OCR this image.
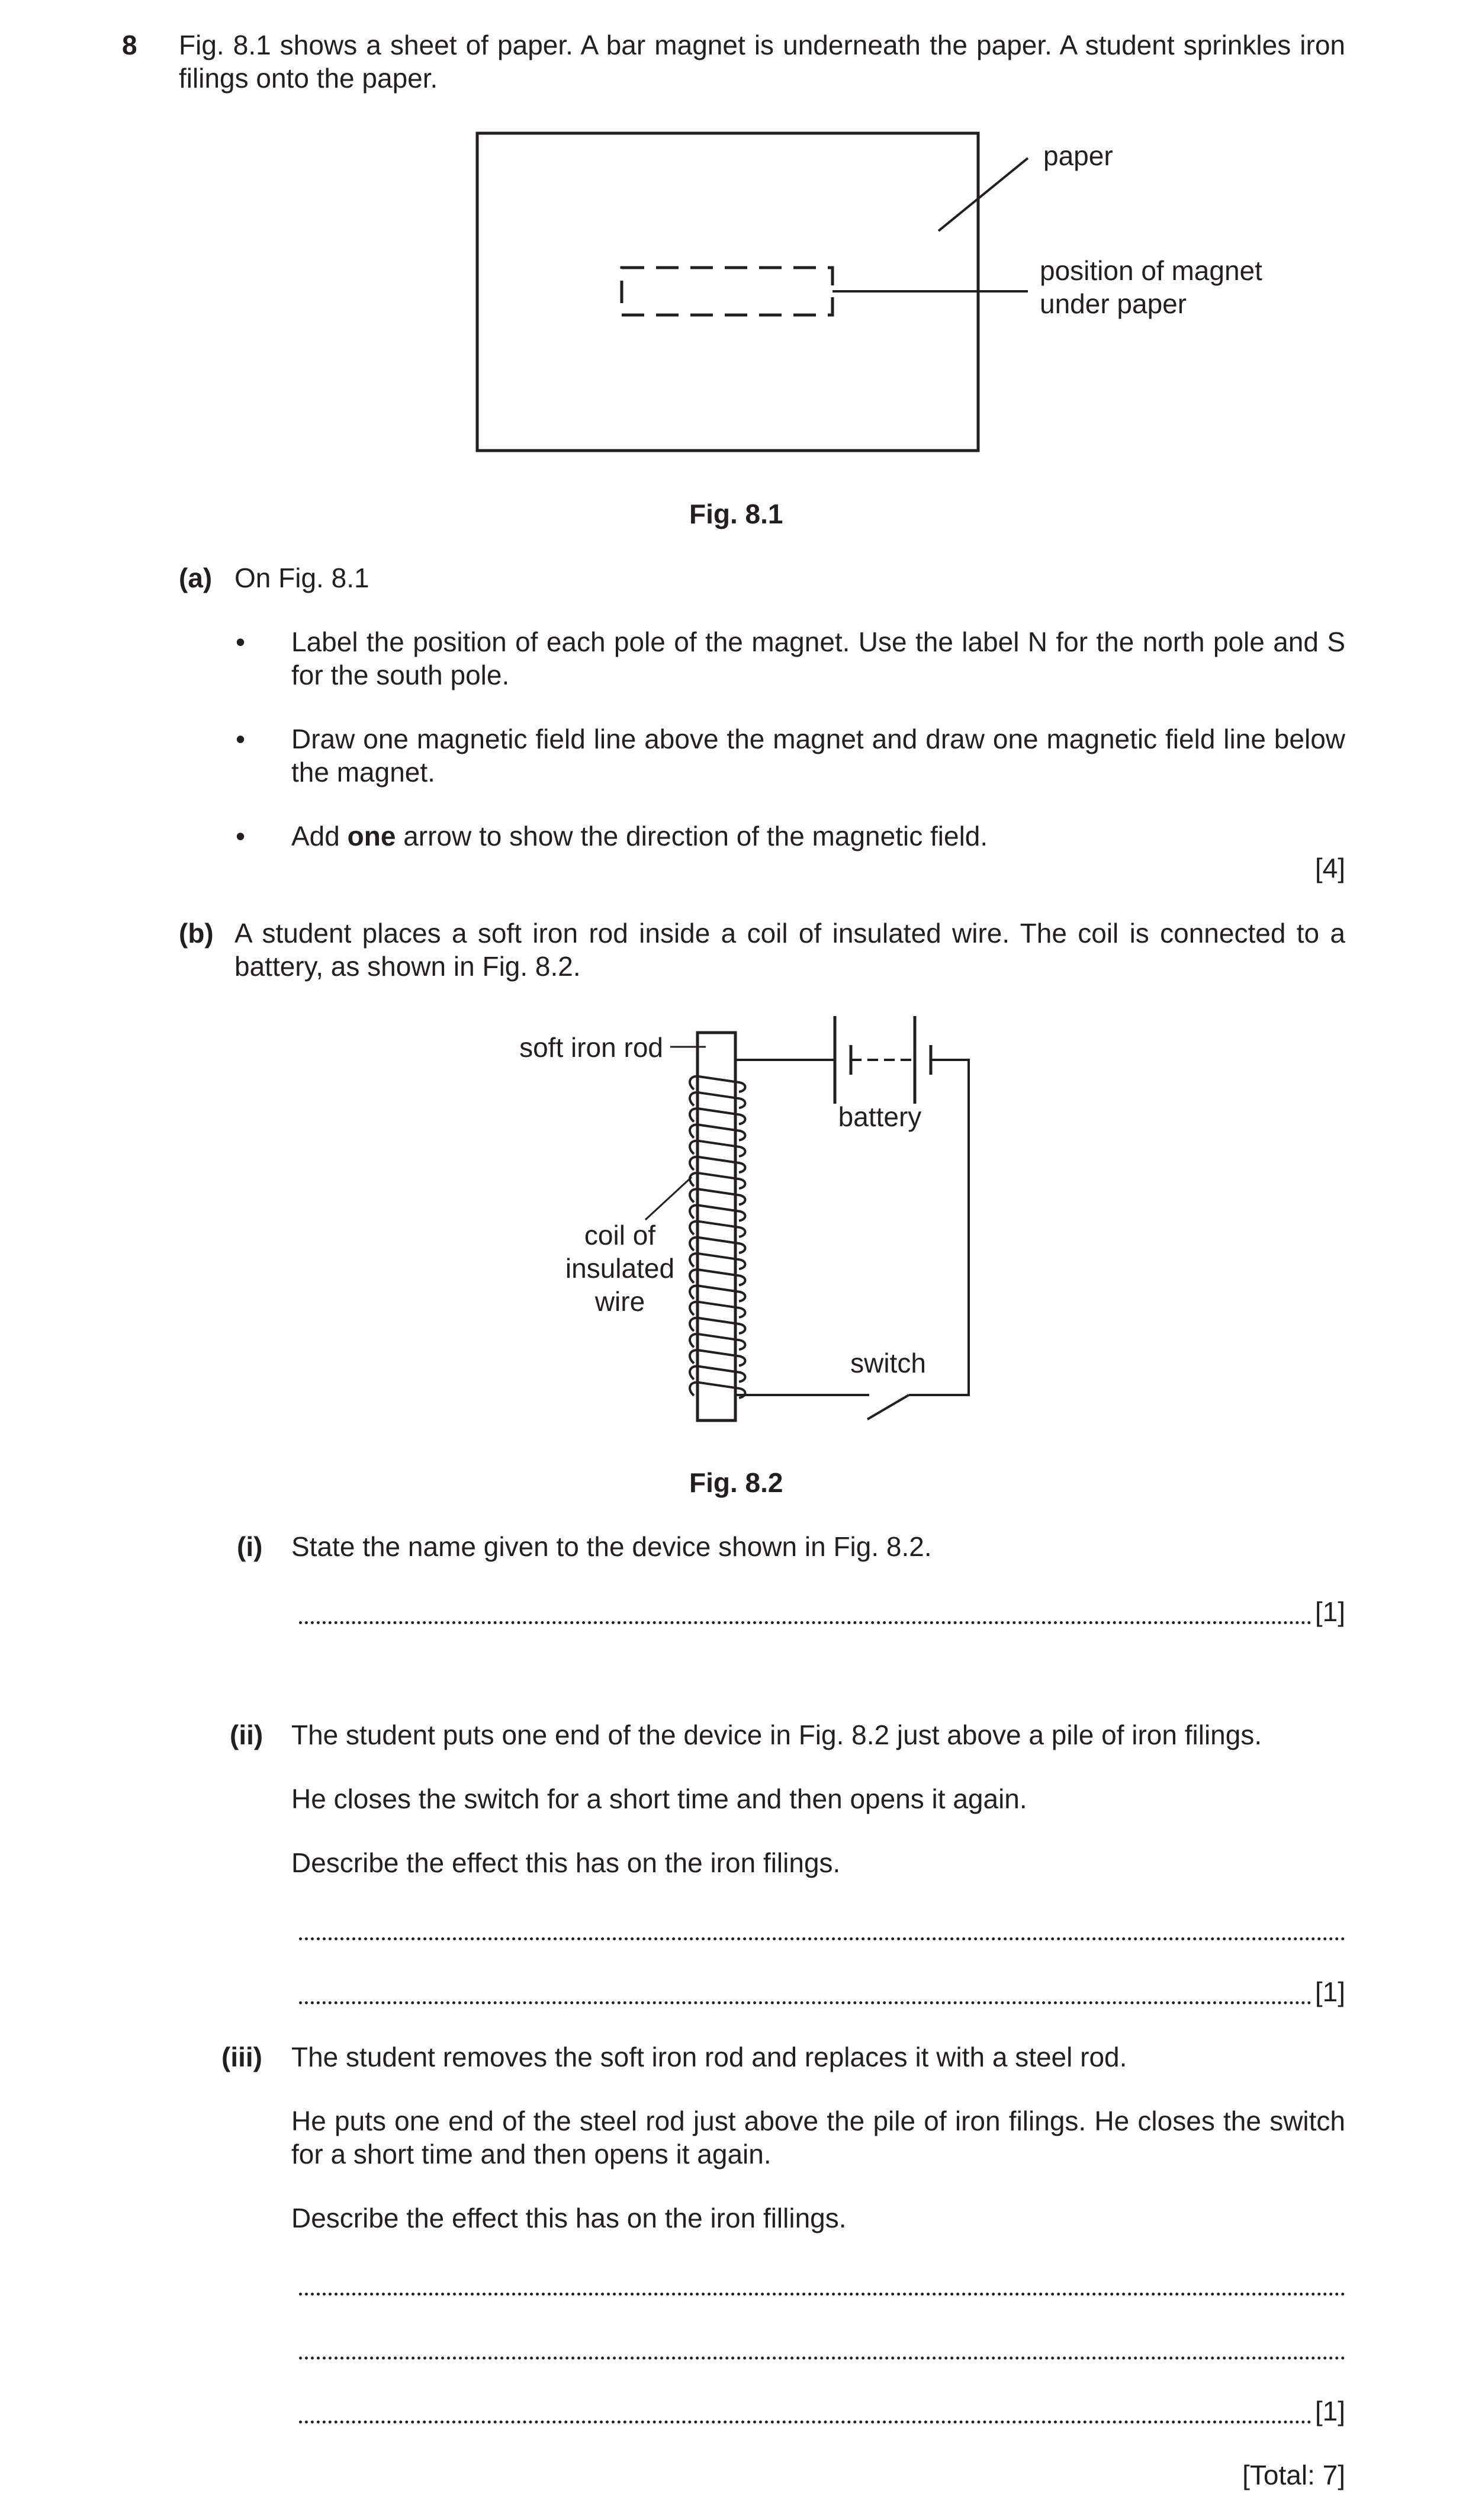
8 Fig. 8.1 shows a sheet of paper. A bar magnet is underneath the paper. A student sprinkles iron
filings onto the paper.
paper
position of magnet
under paper
Fig. 8.1
(a) On Fig. 8.1
• Label the position of each pole of the magnet. Use the label N for the north pole and S
for the south pole.
• Draw one magnetic field line above the magnet and draw one magnetic field line below
the magnet.
• Add one arrow to show the direction of the magnetic field.
[4]
(b) A student places a soft iron rod inside a coil of insulated wire. The coil is connected to a
battery, as shown in Fig. 8.2.
soft iron rod
battery
coil of
insulated
wire
switch
Fig. 8.2
(i) State the name given to the device shown in Fig. 8.2.
[1]
(ii) The student puts one end of the device in Fig. 8.2 just above a pile of iron filings.
He closes the switch for a short time and then opens it again.
Describe the effect this has on the iron filings.
[1]
(iii) The student removes the soft iron rod and replaces it with a steel rod.
He puts one end of the steel rod just above the pile of iron filings. He closes the switch
for a short time and then opens it again.
Describe the effect this has on the iron fillings.
[1]
[Total: 7]
